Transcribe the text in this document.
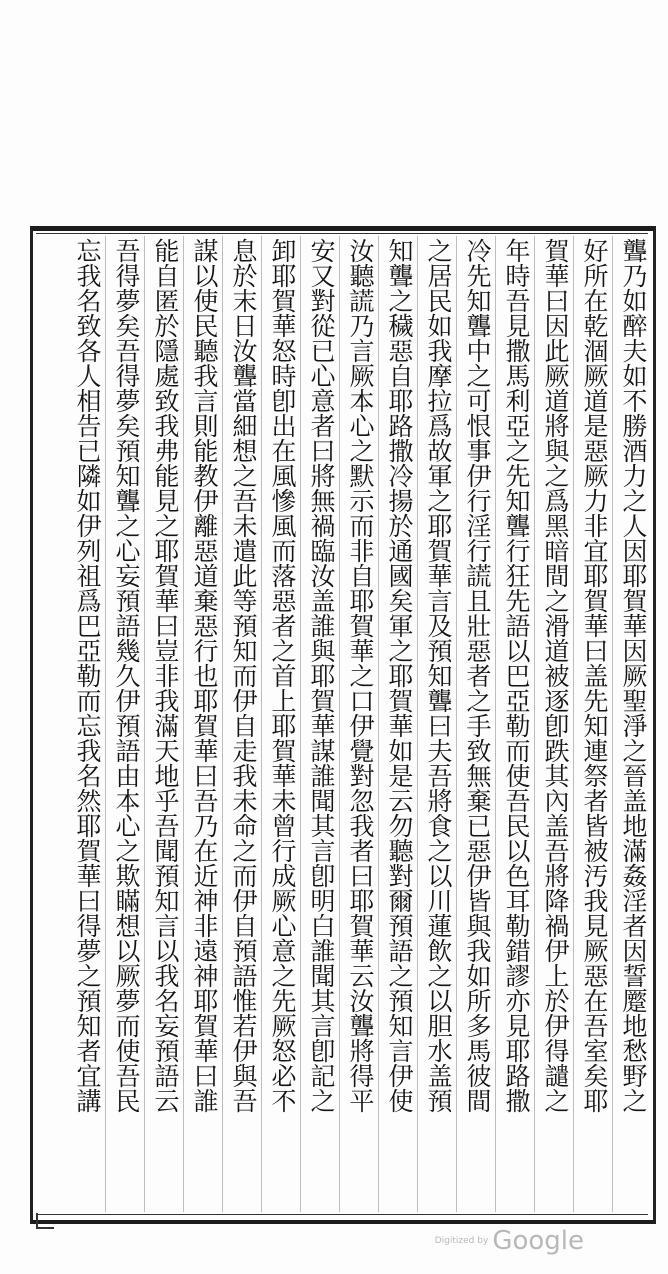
聾乃如醉夫如不勝酒力之人因耶賀華因厥聖淨之晉盖地滿姦淫者因誓蹷地愁野之
好所在乾涸厥道是惡厥力非宜耶賀華曰盖先知連祭者皆被汚我見厥惡在吾室矣耶
賀華曰因此厥道將與之爲黑暗間之滑道被逐卽跌其內盖吾將降禍伊上於伊得譴之
年時吾見撒馬利亞之先知聾行狂先語以巴亞勒而使吾民以色耳勒錯謬亦見耶路撒
冷先知聾中之可恨事伊行淫行謊且壯惡者之手致無棄已惡伊皆與我如所多馬彼間
之居民如我摩拉爲故軍之耶賀華言及預知聾曰夫吾將食之以川蓮飲之以胆水盖預
知聾之穢惡自耶路撒冷揚於通國矣軍之耶賀華如是云勿聽對爾預語之預知言伊使
汝聽謊乃言厥本心之默示而非自耶賀華之口伊覺對忽我者曰耶賀華云汝聾將得平
安又對從已心意者曰將無禍臨汝盖誰與耶賀華謀誰聞其言卽明白誰聞其言卽記之
卸耶賀華怒時卽出在風慘風而落惡者之首上耶賀華未曾行成厥心意之先厥怒必不
息於末日汝聾當細想之吾未遣此等預知而伊自走我未命之而伊自預語惟若伊與吾
謀以使民聽我言則能教伊離惡道棄惡行也耶賀華曰吾乃在近神非遠神耶賀華曰誰
能自匿於隱處致我弗能見之耶賀華曰豈非我滿天地乎吾聞預知言以我名妄預語云
吾得夢矣吾得夢矣預知聾之心妄預語幾久伊預語由本心之欺瞞想以厥夢而使吾民
忘我名致各人相告已隣如伊列祖爲巴亞勒而忘我名然耶賀華曰得夢之預知者宜講
Digitized by Google
